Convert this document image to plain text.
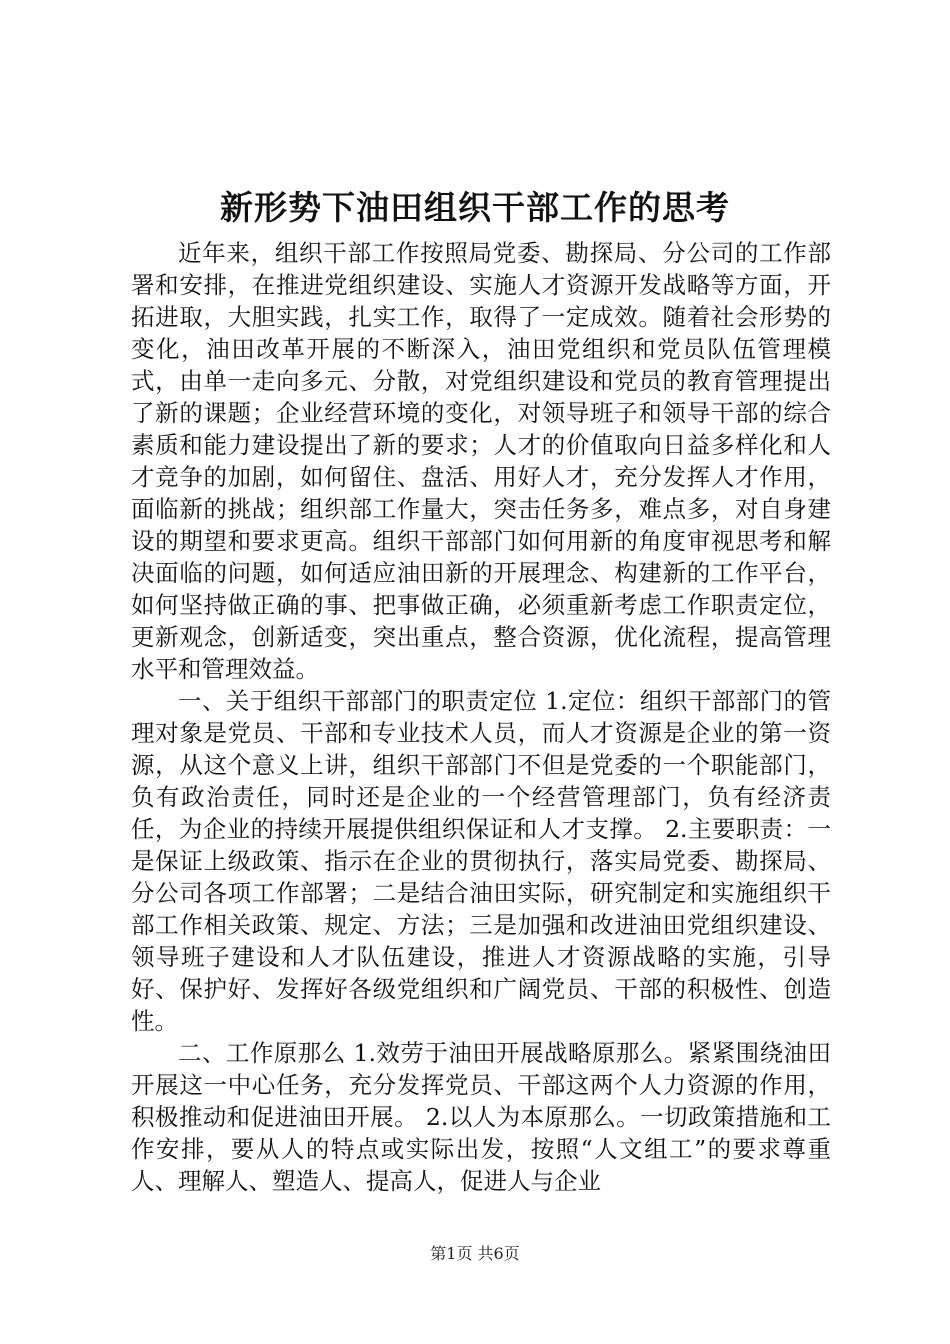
新形势下油田组织干部工作的思考

近年来，组织干部工作按照局党委、勘探局、分公司的工作部署和安排，在推进党组织建设、实施人才资源开发战略等方面，开拓进取，大胆实践，扎实工作，取得了一定成效。随着社会形势的变化，油田改革开展的不断深入，油田党组织和党员队伍管理模式，由单一走向多元、分散，对党组织建设和党员的教育管理提出了新的课题；企业经营环境的变化，对领导班子和领导干部的综合素质和能力建设提出了新的要求；人才的价值取向日益多样化和人才竞争的加剧，如何留住、盘活、用好人才，充分发挥人才作用，面临新的挑战；组织部工作量大，突击任务多，难点多，对自身建设的期望和要求更高。组织干部部门如何用新的角度审视思考和解决面临的问题，如何适应油田新的开展理念、构建新的工作平台，如何坚持做正确的事、把事做正确，必须重新考虑工作职责定位，更新观念，创新适变，突出重点，整合资源，优化流程，提高管理水平和管理效益。

一、关于组织干部部门的职责定位 1.定位：组织干部部门的管理对象是党员、干部和专业技术人员，而人才资源是企业的第一资源，从这个意义上讲，组织干部部门不但是党委的一个职能部门，负有政治责任，同时还是企业的一个经营管理部门，负有经济责任，为企业的持续开展提供组织保证和人才支撑。 2.主要职责：一是保证上级政策、指示在企业的贯彻执行，落实局党委、勘探局、分公司各项工作部署；二是结合油田实际，研究制定和实施组织干部工作相关政策、规定、方法；三是加强和改进油田党组织建设、领导班子建设和人才队伍建设，推进人才资源战略的实施，引导好、保护好、发挥好各级党组织和广阔党员、干部的积极性、创造性。

二、工作原那么 1.效劳于油田开展战略原那么。紧紧围绕油田开展这一中心任务，充分发挥党员、干部这两个人力资源的作用，积极推动和促进油田开展。 2.以人为本原那么。一切政策措施和工作安排，要从人的特点或实际出发，按照“人文组工”的要求尊重人、理解人、塑造人、提高人，促进人与企业

第1页 共6页
